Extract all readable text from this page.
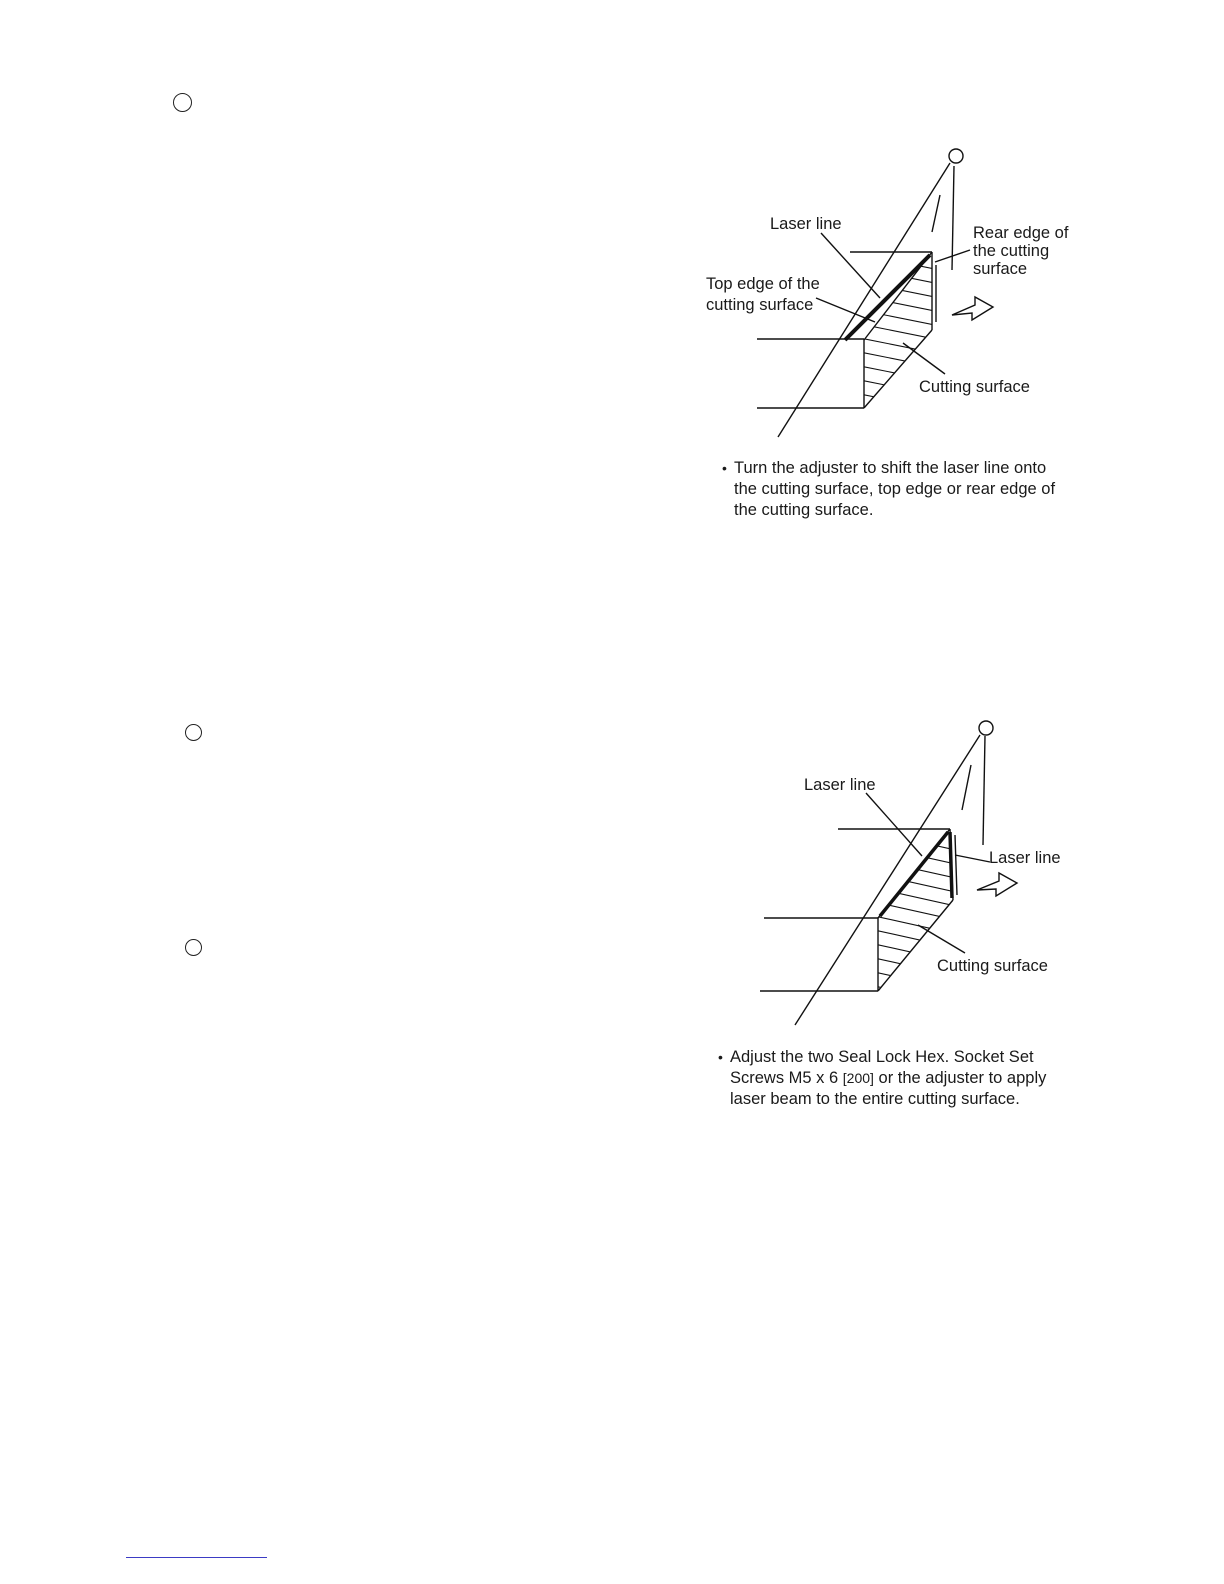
Laser line	Rear edge of
the cutting
surface
Top edge of the
cutting surface
Cutting surface
• Turn the adjuster to shift the laser line onto
the cutting surface, top edge or rear edge of
the cutting surface.
Laser line
Laser line
Cutting surface
• Adjust the two Seal Lock Hex. Socket Set
Screws M5 x 6 [200] or the adjuster to apply
laser beam to the entire cutting surface.
